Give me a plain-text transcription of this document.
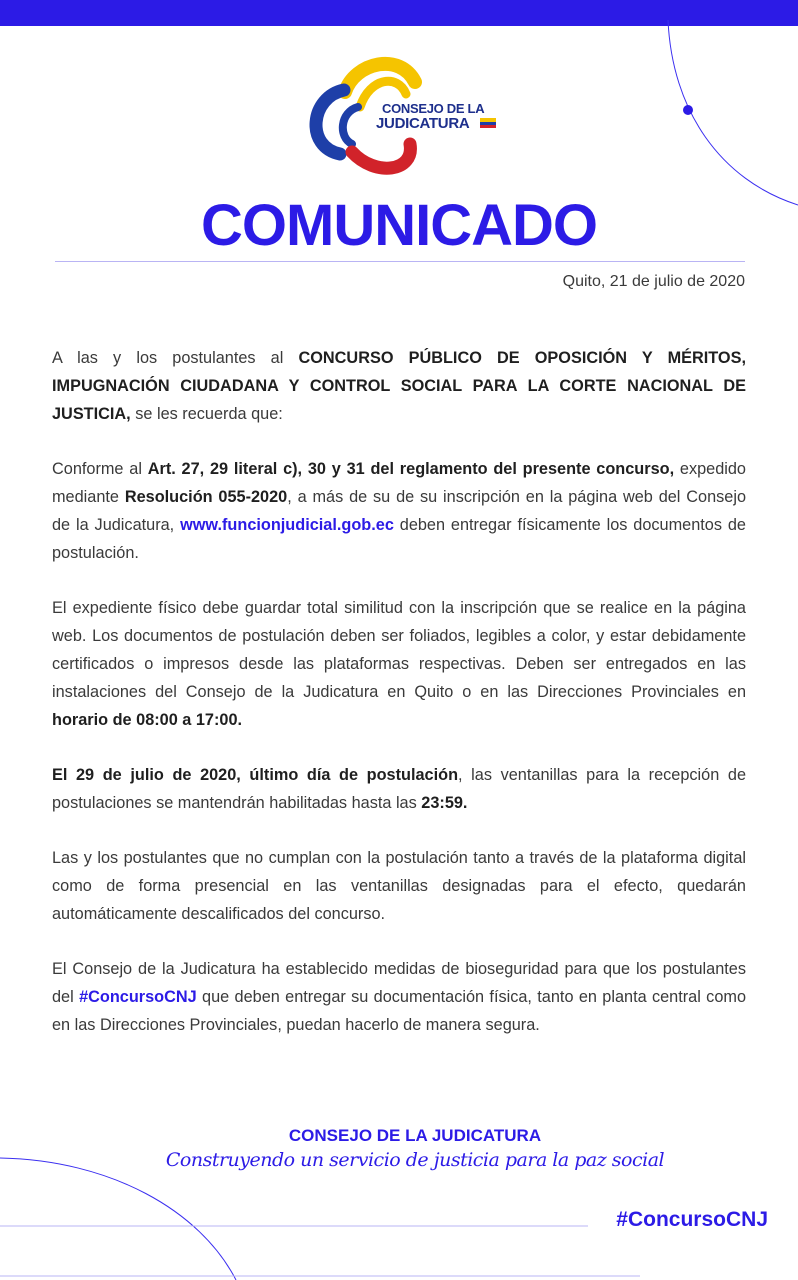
CONSEJO DE LA
JUDICATURA
COMUNICADO
Quito, 21 de julio de 2020

A las y los postulantes al CONCURSO PÚBLICO DE OPOSICIÓN Y MÉRITOS, IMPUGNACIÓN CIUDADANA Y CONTROL SOCIAL PARA LA CORTE NACIONAL DE JUSTICIA, se les recuerda que:

Conforme al Art. 27, 29 literal c), 30 y 31 del reglamento del presente concurso, expedido mediante Resolución 055-2020, a más de su de su inscripción en la página web del Consejo de la Judicatura, www.funcionjudicial.gob.ec deben entregar físicamente los documentos de postulación.

El expediente físico debe guardar total similitud con la inscripción que se realice en la página web. Los documentos de postulación deben ser foliados, legibles a color, y estar debidamente certificados o impresos desde las plataformas respectivas. Deben ser entregados en las instalaciones del Consejo de la Judicatura en Quito o en las Direcciones Provinciales en horario de 08:00 a 17:00.

El 29 de julio de 2020, último día de postulación, las ventanillas para la recepción de postulaciones se mantendrán habilitadas hasta las 23:59.

Las y los postulantes que no cumplan con la postulación tanto a través de la plataforma digital como de forma presencial en las ventanillas designadas para el efecto, quedarán automáticamente descalificados del concurso.

El Consejo de la Judicatura ha establecido medidas de bioseguridad para que los postulantes del #ConcursoCNJ que deben entregar su documentación física, tanto en planta central como en las Direcciones Provinciales, puedan hacerlo de manera segura.

CONSEJO DE LA JUDICATURA
Construyendo un servicio de justicia para la paz social
#ConcursoCNJ
